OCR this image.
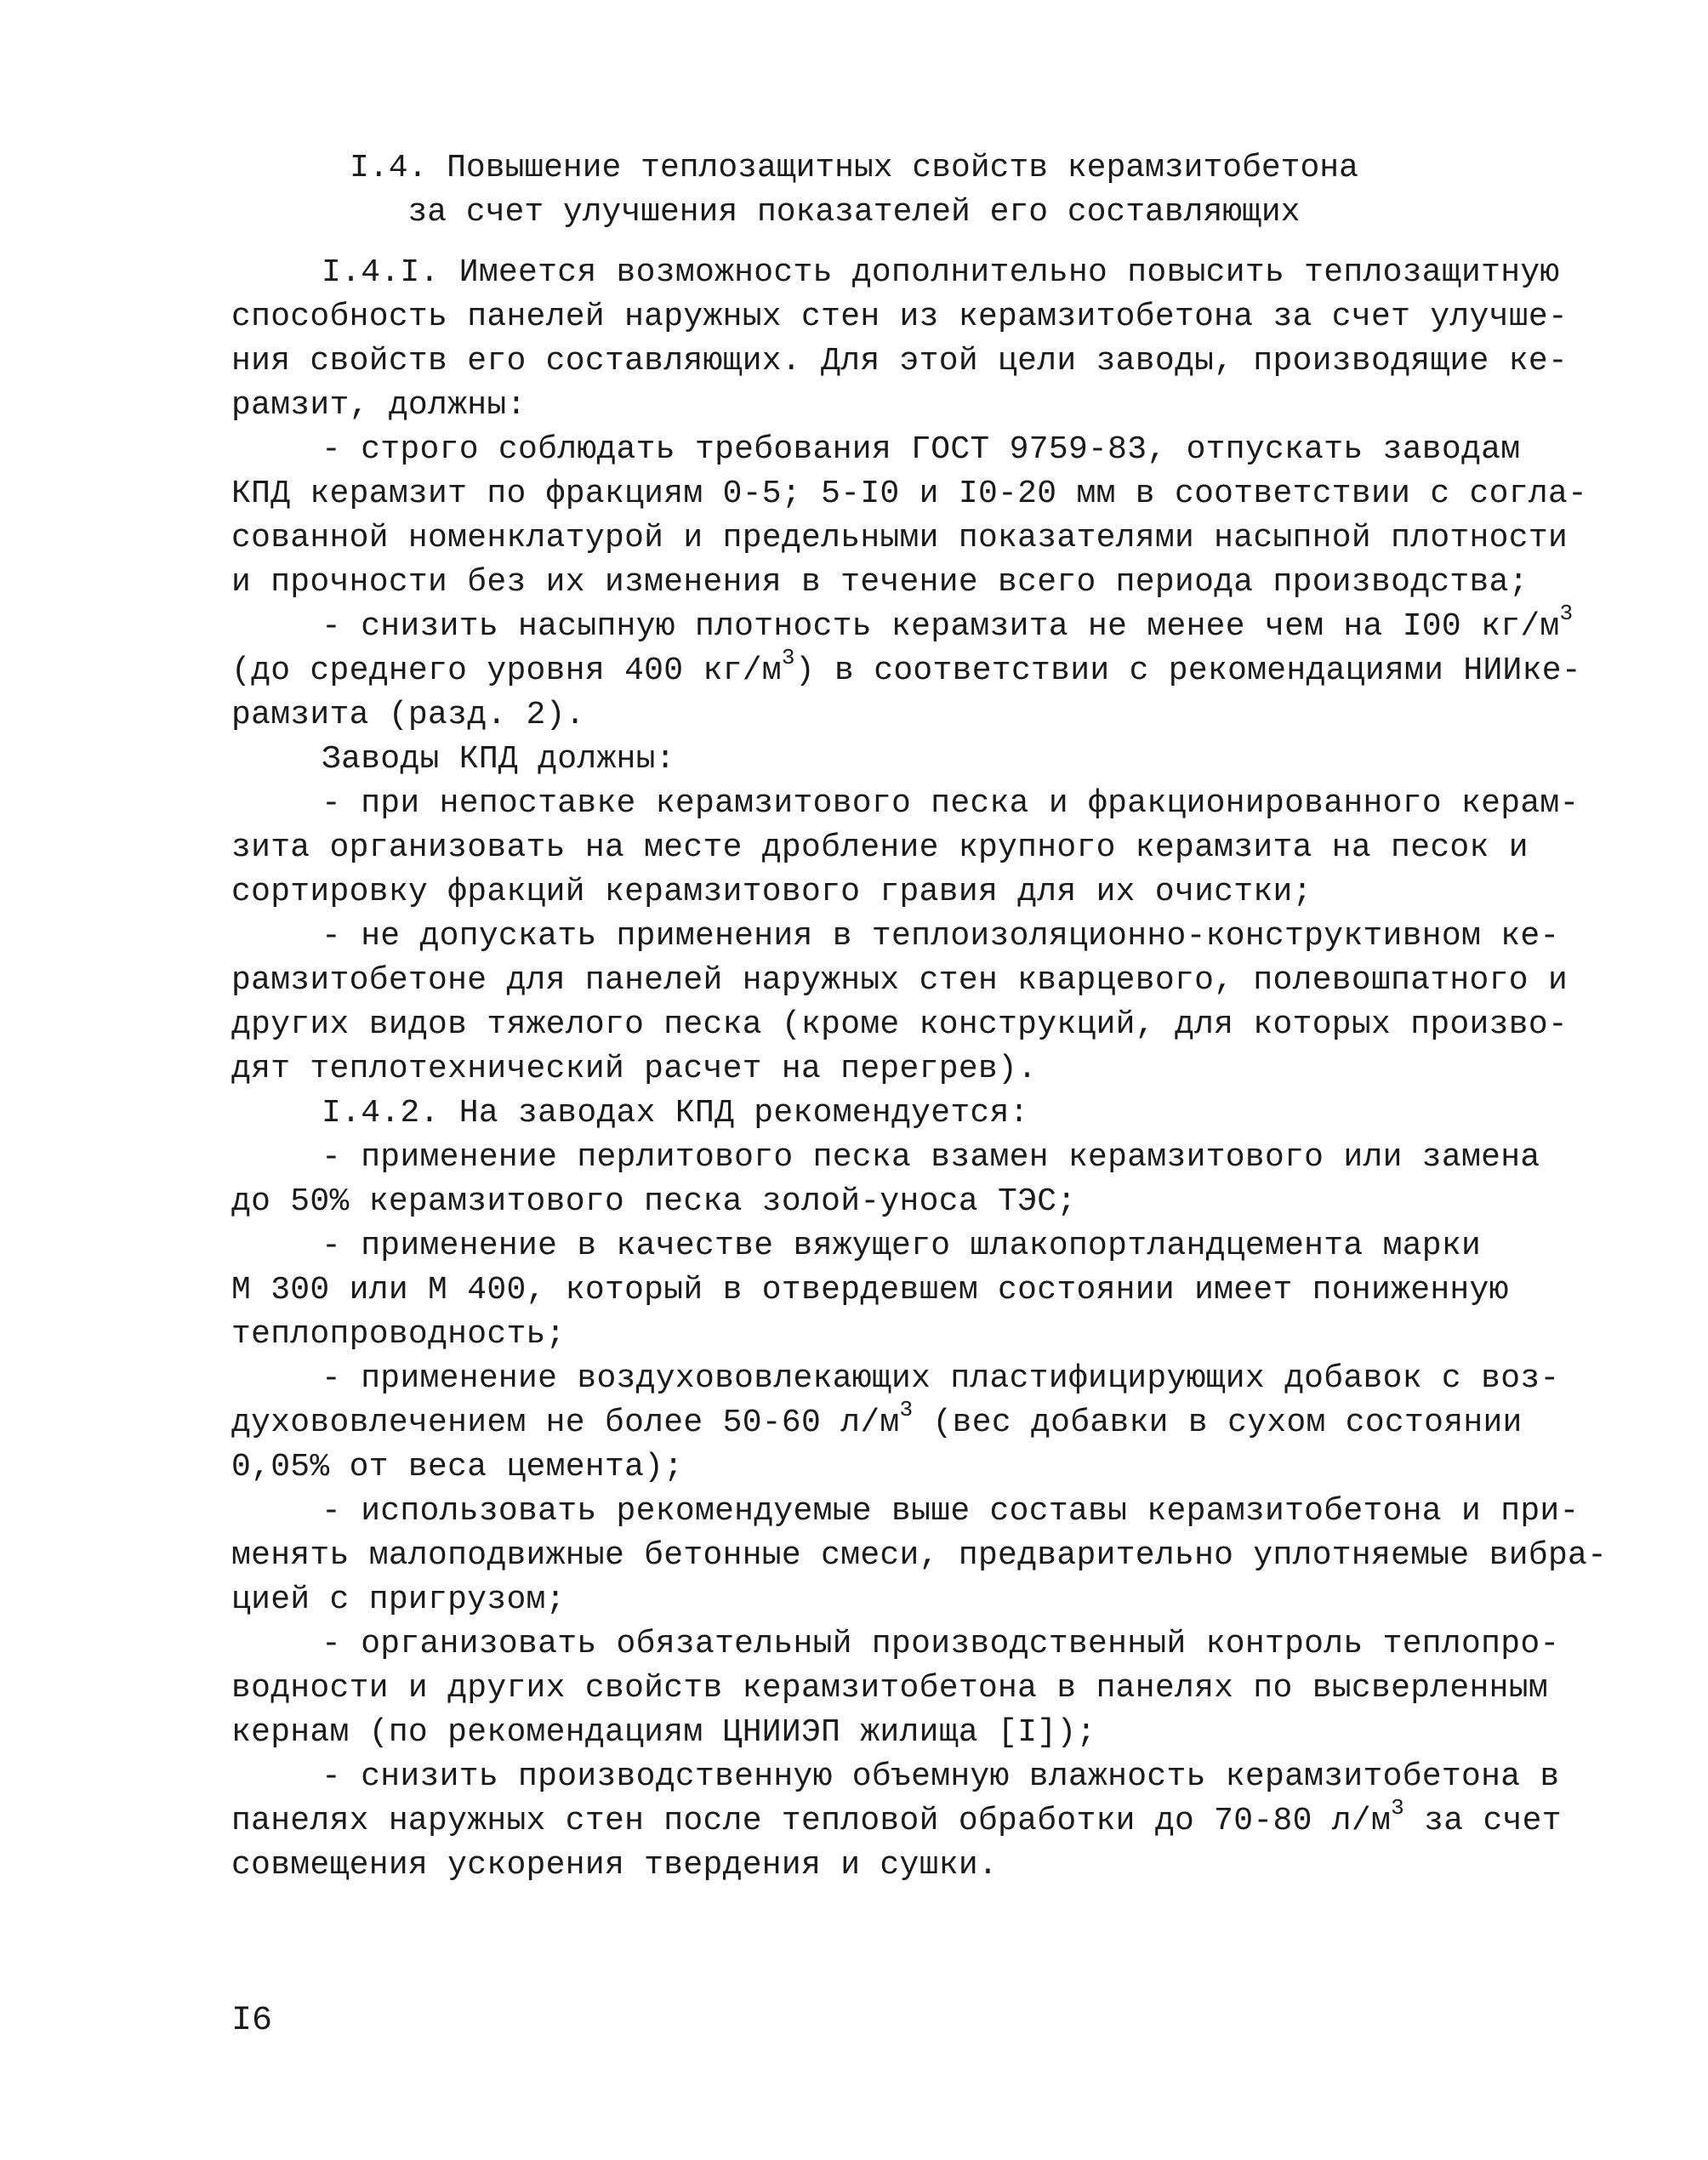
I.4. Повышение теплозащитных свойств керамзитобетона
за счет улучшения показателей его составляющих
I.4.I. Имеется возможность дополнительно повысить теплозащитную
способность панелей наружных стен из керамзитобетона за счет улучше-
ния свойств его составляющих. Для этой цели заводы, производящие ке-
рамзит, должны:
- строго соблюдать требования ГОСТ 9759-83, отпускать заводам
КПД керамзит по фракциям 0-5; 5-I0 и I0-20 мм в соответствии с согла-
сованной номенклатурой и предельными показателями насыпной плотности
и прочности без их изменения в течение всего периода производства;
- снизить насыпную плотность керамзита не менее чем на I00 $кг/м^3$
(до среднего уровня 400 $кг/м^3$) в соответствии с рекомендациями НИИке-
рамзита (разд. 2).
Заводы КПД должны:
- при непоставке керамзитового песка и фракционированного керам-
зита организовать на месте дробление крупного керамзита на песок и
сортировку фракций керамзитового гравия для их очистки;
- не допускать применения в теплоизоляционно-конструктивном ке-
рамзитобетоне для панелей наружных стен кварцевого, полевошпатного и
других видов тяжелого песка (кроме конструкций, для которых произво-
дят теплотехнический расчет на перегрев).
I.4.2. На заводах КПД рекомендуется:
- применение перлитового песка взамен керамзитового или замена
до 50% керамзитового песка золой-уноса ТЭС;
- применение в качестве вяжущего шлакопортландцемента марки
М 300 или М 400, который в отвердевшем состоянии имеет пониженную
теплопроводность;
- применение воздухововлекающих пластифицирующих добавок с воз-
духововлечением не более 50-60 $л/м^3$ (вес добавки в сухом состоянии
0,05% от веса цемента);
- использовать рекомендуемые выше составы керамзитобетона и при-
менять малоподвижные бетонные смеси, предварительно уплотняемые вибра-
цией с пригрузом;
- организовать обязательный производственный контроль теплопро-
водности и других свойств керамзитобетона в панелях по высверленным
кернам (по рекомендациям ЦНИИЭП жилища [I]);
- снизить производственную объемную влажность керамзитобетона в
панелях наружных стен после тепловой обработки до 70-80 $л/м^3$ за счет
совмещения ускорения твердения и сушки.
I6
